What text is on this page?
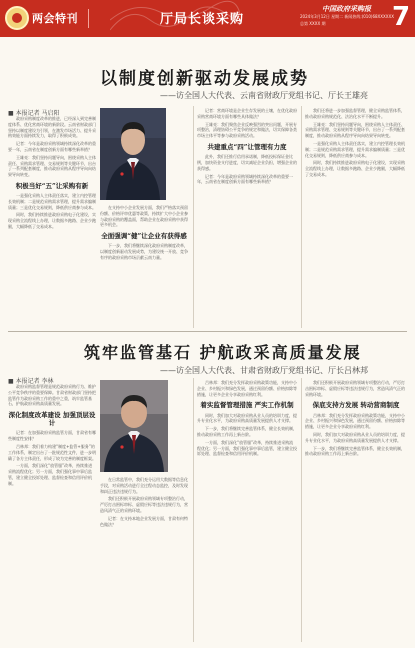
两会特刊	厅局长谈采购
中国政府采购报
2024年3月12日 星期二 新闻热线:(010)68XXXXXX
总第 XXXX 期	7
以制度创新驱动发展成势
——访全国人大代表、云南省财政厅党组书记、厅长王雄亮
■ 本报记者 马启阳

政府采购制度改革的推进，已经深入到完善制度体系、优化营商环境的新阶段。云南省财政部门坚持以制度建设为引领，在激发市场活力、提升采购效能方面持续发力，取得了积极成效。

记者：今年是政府采购领域持续深化改革的重要一年，云南省在制度创新方面有哪些新举措？

王雄亮：我们坚持问题导向，围绕采购人主体责任、采购需求管理、交易规则等关键环节，出台了一系列配套制度，推动政府采购从程序导向向结果导向转变。

积极当好“五”让采购有新

一是强化采购人主体责任落实，建立内控管理长效机制；二是规范采购需求管理，提升需求编制质量；三是优化交易规则，降低供应商参与成本。

同时，我们持续推进政府采购电子化建设，实现采购全流程线上办理，让数据多跑路、企业少跑腿，大幅降低了交易成本。

在支持中小企业发展方面，我们严格落实预留份额、价格评审优惠等政策，持续扩大中小企业参与政府采购的覆盖面，帮助企业在政府采购中获得更多机会。

全面强调“健”让企业有获得感

下一步，我们将继续深化政府采购制度改革，以制度创新驱动发展成势，为建设统一开放、竞争有序的政府采购市场贡献云南力量。

记者：营商环境是企业生存发展的土壤，在优化政府采购营商环境方面有哪些具体做法？

王雄亮：我们聚焦企业反映强烈的突出问题，开展专项整治，清理妨碍公平竞争的规定和做法，切实保障各类市场主体平等参与政府采购活动。

共建重点“四”让管理有力度

此外，我们还推行信用承诺制，降低投标保证金比例，加快资金支付进度，切实减轻企业负担，增强企业的获得感。

记者：今年是政府采购领域持续深化改革的重要一年，云南省在制度创新方面有哪些新举措？

我们还将进一步加强监督管理，健全采购监管体系，推动政府采购规范化、法治化水平不断提升。

王雄亮：我们坚持问题导向，围绕采购人主体责任、采购需求管理、交易规则等关键环节，出台了一系列配套制度，推动政府采购从程序导向向结果导向转变。

一是强化采购人主体责任落实，建立内控管理长效机制；二是规范采购需求管理，提升需求编制质量；三是优化交易规则，降低供应商参与成本。

同时，我们持续推进政府采购电子化建设，实现采购全流程线上办理，让数据多跑路、企业少跑腿，大幅降低了交易成本。

筑牢监管基石 护航政采高质量发展
——访全国人大代表、甘肃省财政厅党组书记、厅长吕林邦
■ 本报记者 李林

政府采购监督管理是规范政府采购行为、维护公平竞争秩序的重要保障。甘肃省财政部门坚持把监管作为政府采购工作的重中之重，筑牢监管基石，护航政府采购高质量发展。

深化制度改革建设 加强顶层设计

记者：在加强政府采购监管方面，甘肃省有哪些制度性安排？

吕林邦：我们着力构建“制度+监管+服务”的工作体系，制定出台了一批规范性文件，进一步明确了各方主体责任，形成了较为完善的制度框架。

一方面，我们深化“放管服”改革，持续推进采购流程优化；另一方面，我们强化事中事后监管，建立健全投诉处理、监督检查和信用评价机制。

在日常监管中，我们充分运用大数据等信息化手段，对采购活动进行全过程动态监控，及时发现和纠正违法违规行为。

我们还积极开展政府采购领域专项整治行动，严厉打击围标串标、虚假应标等违法违规行为，营造风清气正的采购环境。

记者：在支持本地企业发展方面，甘肃有何特色做法？

吕林邦：我们充分发挥政府采购政策功能，支持中小企业、乡村振兴和绿色发展，通过预留份额、价格扣除等措施，让更多企业分享政府采购红利。

着实监督管理措施 严实工作机制

同时，我们加大对政府采购从业人员的培训力度，提升专业化水平，为政府采购高质量发展提供人才支撑。

下一步，我们将继续完善监管体系，健全长效机制，推动政府采购工作再上新台阶。

一方面，我们深化“放管服”改革，持续推进采购流程优化；另一方面，我们强化事中事后监管，建立健全投诉处理、监督检查和信用评价机制。

我们还积极开展政府采购领域专项整治行动，严厉打击围标串标、虚假应标等违法违规行为，营造风清气正的采购环境。

保底支持方发展 转动营商制度

吕林邦：我们充分发挥政府采购政策功能，支持中小企业、乡村振兴和绿色发展，通过预留份额、价格扣除等措施，让更多企业分享政府采购红利。

同时，我们加大对政府采购从业人员的培训力度，提升专业化水平，为政府采购高质量发展提供人才支撑。

下一步，我们将继续完善监管体系，健全长效机制，推动政府采购工作再上新台阶。
